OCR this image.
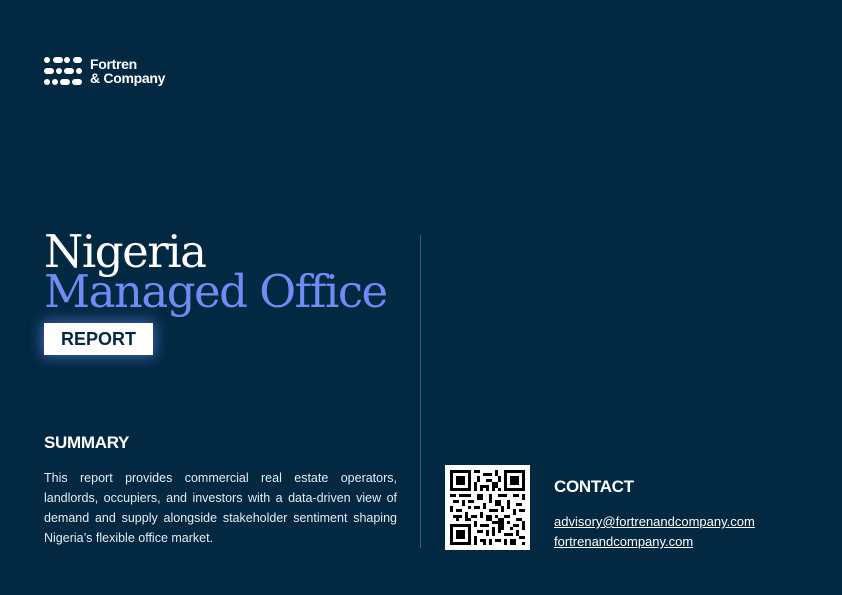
Fortren
& Company
Nigeria
Managed Office
REPORT
SUMMARY

This report provides commercial real estate operators, landlords, occupiers, and investors with a data-driven view of demand and supply alongside stakeholder sentiment shaping Nigeria’s flexible office market.

CONTACT
advisory@fortrenandcompany.com
fortrenandcompany.com
